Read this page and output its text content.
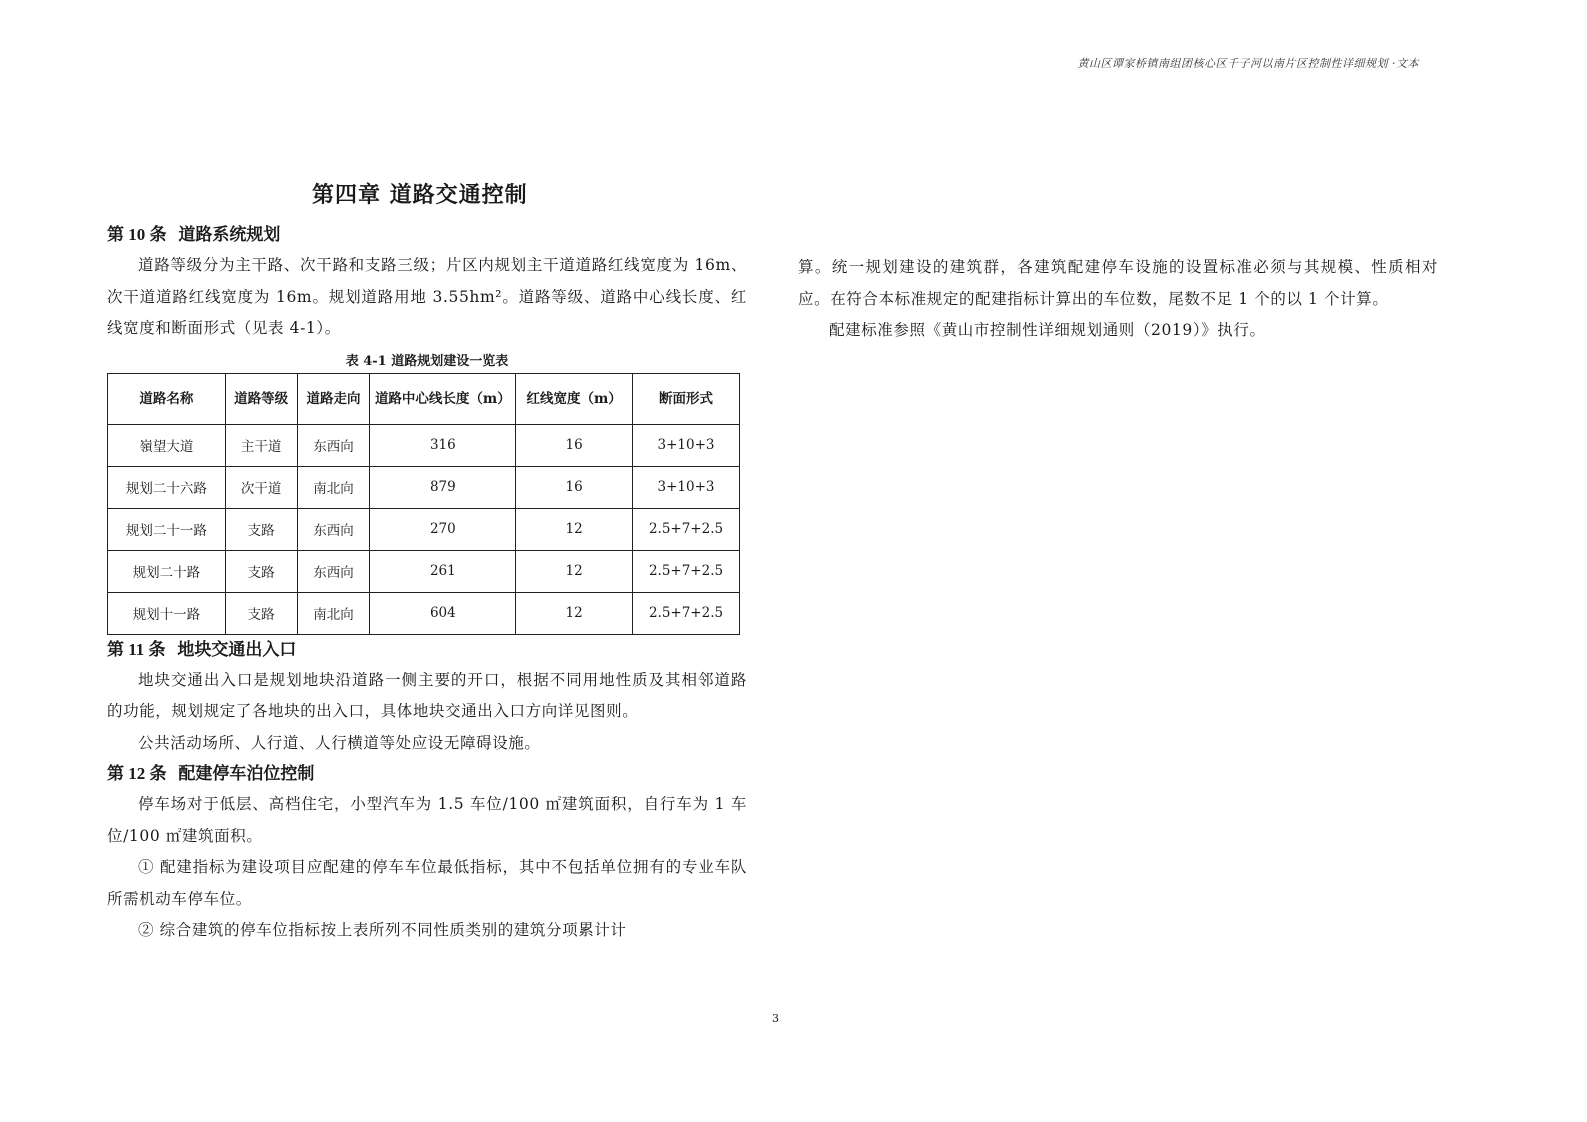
黄山区谭家桥镇南组团核心区千子河以南片区控制性详细规划 ·文本
第四章 道路交通控制
第 10 条 道路系统规划

道路等级分为主干路、次干路和支路三级；片区内规划主干道道路红线宽度为 16m、次干道道路红线宽度为 16m。规划道路用地 3.55hm²。道路等级、道路中心线长度、红线宽度和断面形式（见表 4-1）。

表 4-1 道路规划建设一览表
道路名称	道路等级	道路走向	道路中心线长度（m）	红线宽度（m）	断面形式
嶺望大道	主干道	东西向	316	16	3+10+3
规划二十六路	次干道	南北向	879	16	3+10+3
规划二十一路	支路	东西向	270	12	2.5+7+2.5
规划二十路	支路	东西向	261	12	2.5+7+2.5
规划十一路	支路	南北向	604	12	2.5+7+2.5
第 11 条 地块交通出入口

地块交通出入口是规划地块沿道路一侧主要的开口，根据不同用地性质及其相邻道路的功能，规划规定了各地块的出入口，具体地块交通出入口方向详见图则。

公共活动场所、人行道、人行横道等处应设无障碍设施。

第 12 条 配建停车泊位控制

停车场对于低层、高档住宅，小型汽车为 1.5 车位/100 ㎡建筑面积，自行车为 1 车位/100 ㎡建筑面积。

① 配建指标为建设项目应配建的停车车位最低指标，其中不包括单位拥有的专业车队所需机动车停车位。

② 综合建筑的停车位指标按上表所列不同性质类别的建筑分项累计计

算。统一规划建设的建筑群，各建筑配建停车设施的设置标准必须与其规模、性质相对应。在符合本标准规定的配建指标计算出的车位数，尾数不足 1 个的以 1 个计算。

配建标准参照《黄山市控制性详细规划通则（2019）》执行。

3
